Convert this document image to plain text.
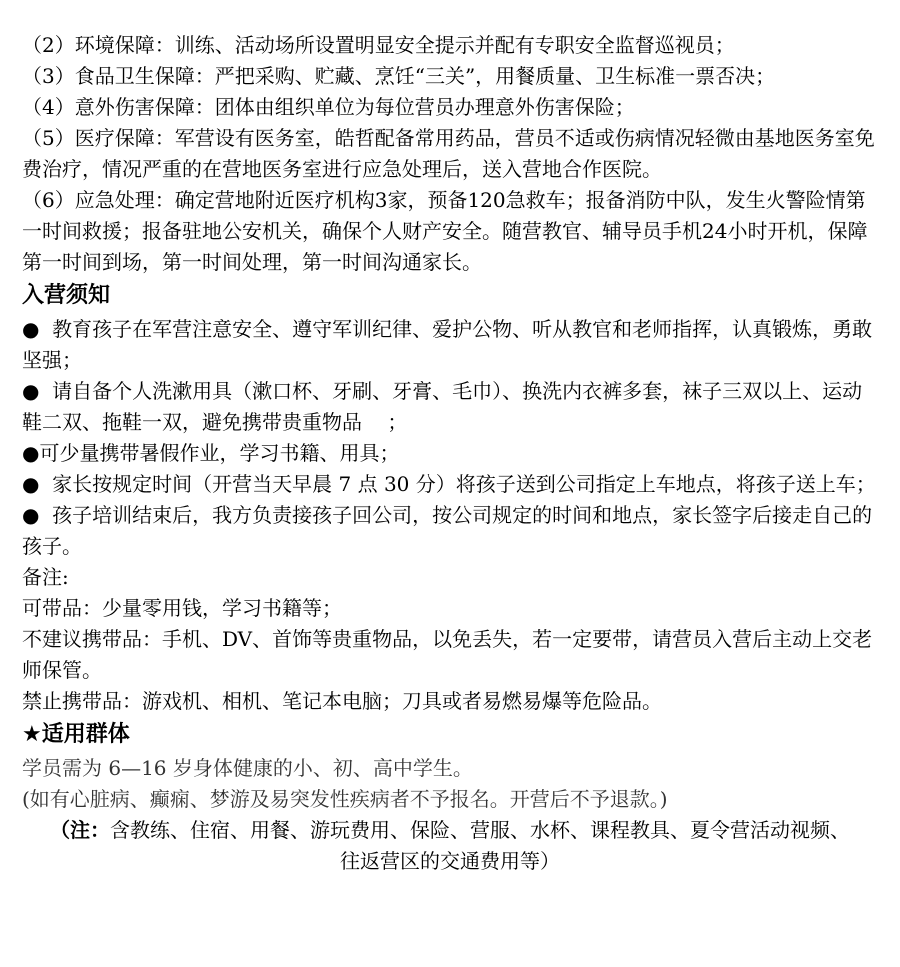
（2）环境保障：训练、活动场所设置明显安全提示并配有专职安全监督巡视员；

（3）食品卫生保障：严把采购、贮藏、烹饪“三关”，用餐质量、卫生标准一票否决；

（4）意外伤害保障：团体由组织单位为每位营员办理意外伤害保险；

（5）医疗保障：军营设有医务室，皓哲配备常用药品，营员不适或伤病情况轻微由基地医务室免费治疗，情况严重的在营地医务室进行应急处理后，送入营地合作医院。

（6）应急处理：确定营地附近医疗机构3家，预备120急救车；报备消防中队，发生火警险情第一时间救援；报备驻地公安机关，确保个人财产安全。随营教官、辅导员手机24小时开机，保障第一时间到场，第一时间处理，第一时间沟通家长。

入营须知

●  教育孩子在军营注意安全、遵守军训纪律、爱护公物、听从教官和老师指挥，认真锻炼，勇敢坚强；

●  请自备个人洗漱用具（漱口杯、牙刷、牙膏、毛巾）、换洗内衣裤多套，袜子三双以上、运动鞋二双、拖鞋一双，避免携带贵重物品    ；

●可少量携带暑假作业，学习书籍、用具；

●  家长按规定时间（开营当天早晨 7 点 30 分）将孩子送到公司指定上车地点，将孩子送上车；

●  孩子培训结束后，我方负责接孩子回公司，按公司规定的时间和地点，家长签字后接走自己的孩子。

备注:

可带品：少量零用钱，学习书籍等；

不建议携带品：手机、DV、首饰等贵重物品，以免丢失，若一定要带，请营员入营后主动上交老师保管。

禁止携带品：游戏机、相机、笔记本电脑；刀具或者易燃易爆等危险品。

★适用群体

学员需为 6—16 岁身体健康的小、初、高中学生。

(如有心脏病、癫痫、梦游及易突发性疾病者不予报名。开营后不予退款。)

（注：含教练、住宿、用餐、游玩费用、保险、营服、水杯、课程教具、夏令营活动视频、

往返营区的交通费用等）
